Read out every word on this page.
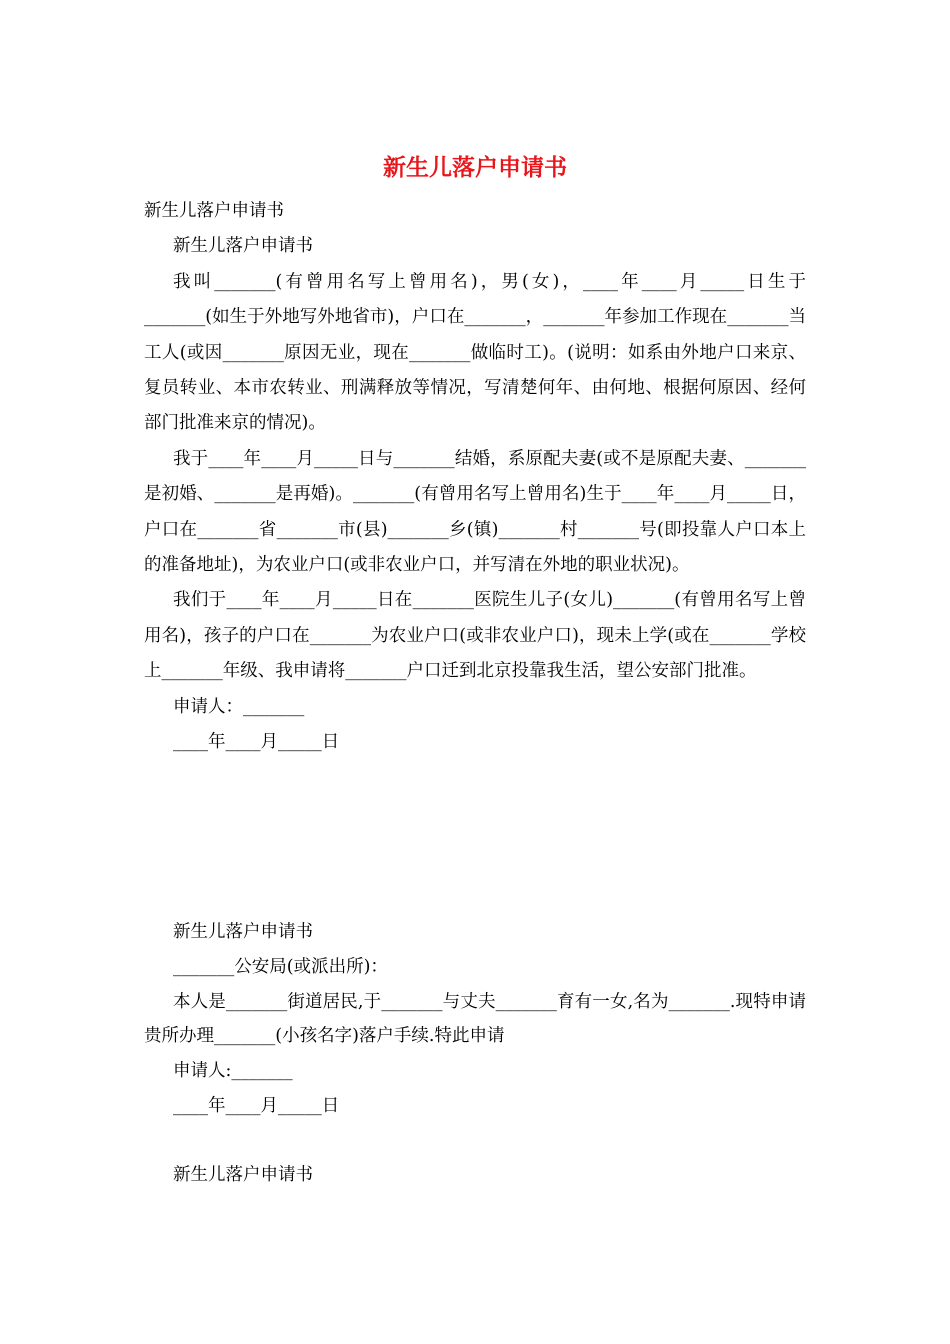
新生儿落户申请书

新生儿落户申请书

新生儿落户申请书

我叫_______(有曾用名写上曾用名)，男(女)，____年____月_____日生于_______(如生于外地写外地省市)，户口在_______，_______年参加工作现在_______当工人(或因_______原因无业，现在_______做临时工)。(说明：如系由外地户口来京、复员转业、本市农转业、刑满释放等情况，写清楚何年、由何地、根据何原因、经何部门批准来京的情况)。

我于____年____月_____日与_______结婚，系原配夫妻(或不是原配夫妻、_______是初婚、_______是再婚)。_______(有曾用名写上曾用名)生于____年____月_____日，户口在_______省_______市(县)_______乡(镇)_______村_______号(即投靠人户口本上的准备地址)，为农业户口(或非农业户口，并写清在外地的职业状况)。

我们于____年____月_____日在_______医院生儿子(女儿)_______(有曾用名写上曾用名)，孩子的户口在_______为农业户口(或非农业户口)，现未上学(或在_______学校上_______年级、我申请将_______户口迁到北京投靠我生活，望公安部门批准。

申请人：_______

____年____月_____日

新生儿落户申请书

_______公安局(或派出所)：

本人是_______街道居民,于_______与丈夫_______育有一女,名为_______.现特申请贵所办理_______(小孩名字)落户手续.特此申请

申请人:_______

____年____月_____日

新生儿落户申请书
